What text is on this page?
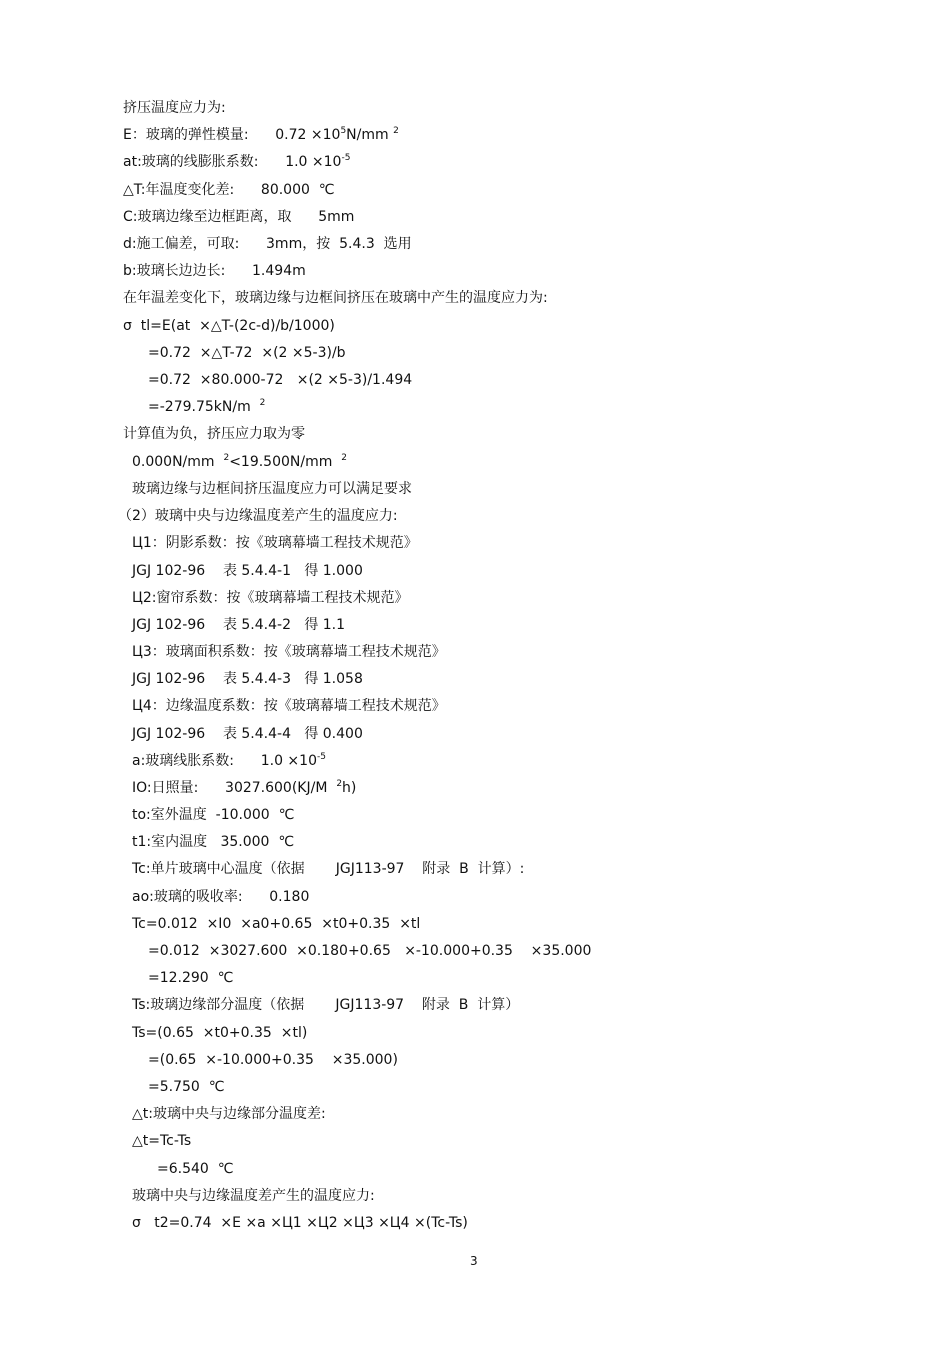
挤压温度应力为:
E：玻璃的弹性模量:      $0.72 \times 10^5N/mm$ $^2$
at:玻璃的线膨胀系数:      $1.0 \times 10^{-5}$
△T:年温度变化差:      80.000  ℃
C:玻璃边缘至边框距离，取      5mm
d:施工偏差，可取:      3mm，按  5.4.3  选用
b:玻璃长边边长:      1.494m
在年温差变化下，玻璃边缘与边框间挤压在玻璃中产生的温度应力为:
σ  tl=E(at  ×△T-(2c-d)/b/1000)
=0.72  ×△T-72  ×(2 ×5-3)/b
=0.72  ×80.000-72   ×(2 ×5-3)/1.494
=-279.75kN/m $^2$
计算值为负，挤压应力取为零
0.000N/mm $^2$<19.500N/mm $^2$
玻璃边缘与边框间挤压温度应力可以满足要求
（2）玻璃中央与边缘温度差产生的温度应力:
Ц1：阴影系数：按《玻璃幕墙工程技术规范》
JGJ 102-96    表 5.4.4-1   得 1.000
Ц2:窗帘系数：按《玻璃幕墙工程技术规范》
JGJ 102-96    表 5.4.4-2   得 1.1
Ц3：玻璃面积系数：按《玻璃幕墙工程技术规范》
JGJ 102-96    表 5.4.4-3   得 1.058
Ц4：边缘温度系数：按《玻璃幕墙工程技术规范》
JGJ 102-96    表 5.4.4-4   得 0.400
a:玻璃线胀系数:      $1.0 \times 10^{-5}$
IO:日照量:      3027.600(KJ/M $^2$h)
to:室外温度  -10.000  ℃
t1:室内温度   35.000  ℃
Tc:单片玻璃中心温度（依据       JGJ113-97    附录  B  计算）:
ao:玻璃的吸收率:      0.180
Tc=0.012  ×I0  ×a0+0.65  ×t0+0.35  ×tl
=0.012  ×3027.600  ×0.180+0.65   ×-10.000+0.35    ×35.000
=12.290  ℃
Ts:玻璃边缘部分温度（依据       JGJ113-97    附录  B  计算）
Ts=(0.65  ×t0+0.35  ×tl)
=(0.65  ×-10.000+0.35    ×35.000)
=5.750  ℃
△t:玻璃中央与边缘部分温度差:
△t=Tc-Ts
=6.540  ℃
玻璃中央与边缘温度差产生的温度应力:
σ   t2=0.74  ×E ×a ×Ц1 ×Ц2 ×Ц3 ×Ц4 ×(Tc-Ts)
3
